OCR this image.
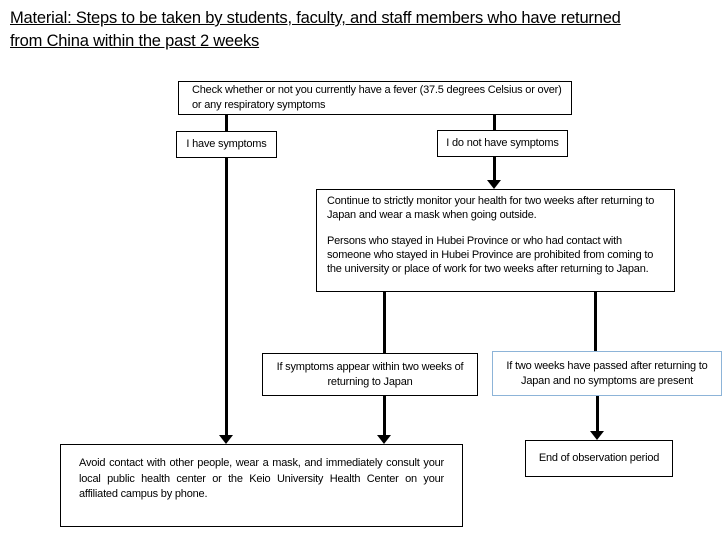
Material: Steps to be taken by students, faculty, and staff members who have returned
from China within the past 2 weeks
Check whether or not you currently have a fever (37.5 degrees Celsius or over) or any respiratory symptoms
I have symptoms	I do not have symptoms
Continue to strictly monitor your health for two weeks after returning to Japan and wear a mask when going outside.
Persons who stayed in Hubei Province or who had contact with someone who stayed in Hubei Province are prohibited from coming to the university or place of work for two weeks after returning to Japan.
If symptoms appear within two weeks of returning to Japan
If two weeks have passed after returning to Japan and no symptoms are present
Avoid contact with other people, wear a mask, and immediately consult your local public health center or the Keio University Health Center on your affiliated campus by phone.
End of observation period
